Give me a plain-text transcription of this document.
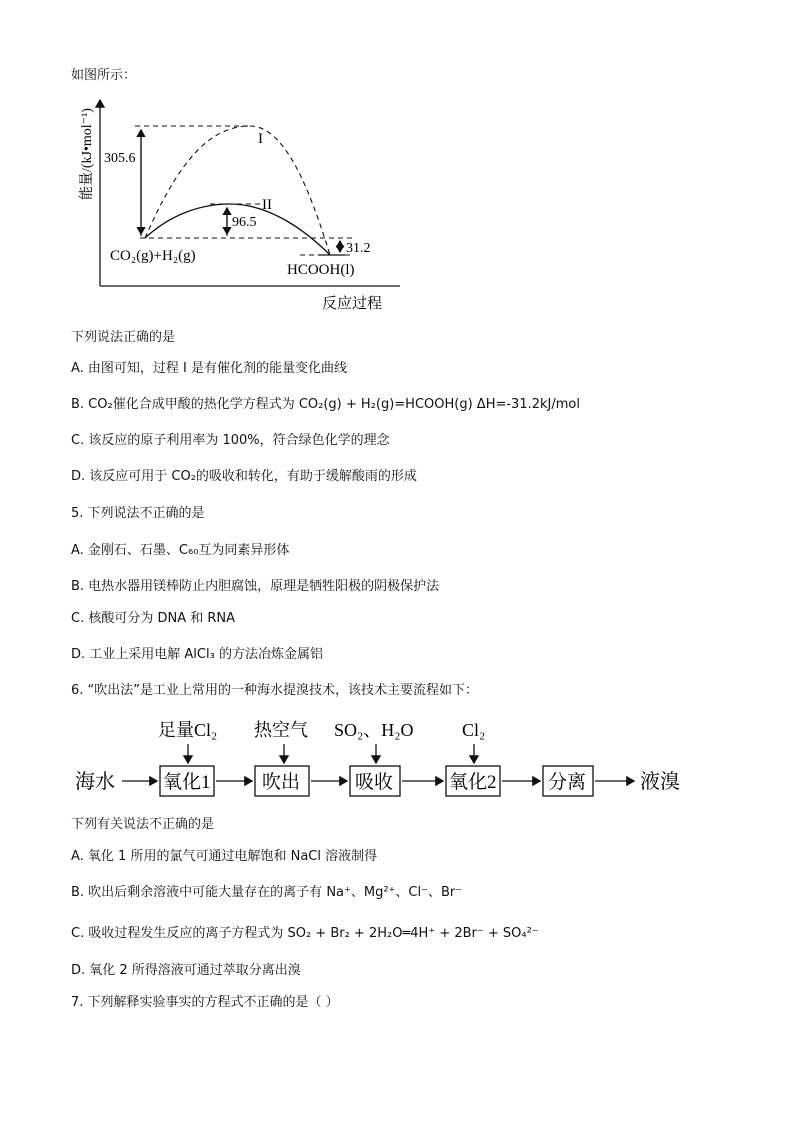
如图所示：
能量/(kJ•mol⁻¹)
反应过程
305.6
96.5
31.2
I
II
CO₂(g)+H₂(g)
HCOOH(l)
下列说法正确的是
A. 由图可知，过程 I 是有催化剂的能量变化曲线
B. CO₂催化合成甲酸的热化学方程式为 CO₂(g) + H₂(g)=HCOOH(g) ΔH=-31.2kJ/mol
C. 该反应的原子利用率为 100%，符合绿色化学的理念
D. 该反应可用于 CO₂的吸收和转化，有助于缓解酸雨的形成
5. 下列说法不正确的是
A. 金刚石、石墨、C₆₀互为同素异形体
B. 电热水器用镁棒防止内胆腐蚀，原理是牺牲阳极的阴极保护法
C. 核酸可分为 DNA 和 RNA
D. 工业上采用电解 AlCl₃ 的方法冶炼金属铝
6. “吹出法”是工业上常用的一种海水提溴技术，该技术主要流程如下：
海水	液溴
氧化1	吹出	吸收	氧化2	分离
足量Cl₂ 热空气 SO₂、H₂O	Cl₂
下列有关说法不正确的是
A. 氧化 1 所用的氯气可通过电解饱和 NaCl 溶液制得
B. 吹出后剩余溶液中可能大量存在的离子有 Na⁺、Mg²⁺、Cl⁻、Br⁻
C. 吸收过程发生反应的离子方程式为 SO₂ + Br₂ + 2H₂O═4H⁺ + 2Br⁻ + SO₄²⁻
D. 氧化 2 所得溶液可通过萃取分离出溴
7. 下列解释实验事实的方程式不正确的是（ ）
